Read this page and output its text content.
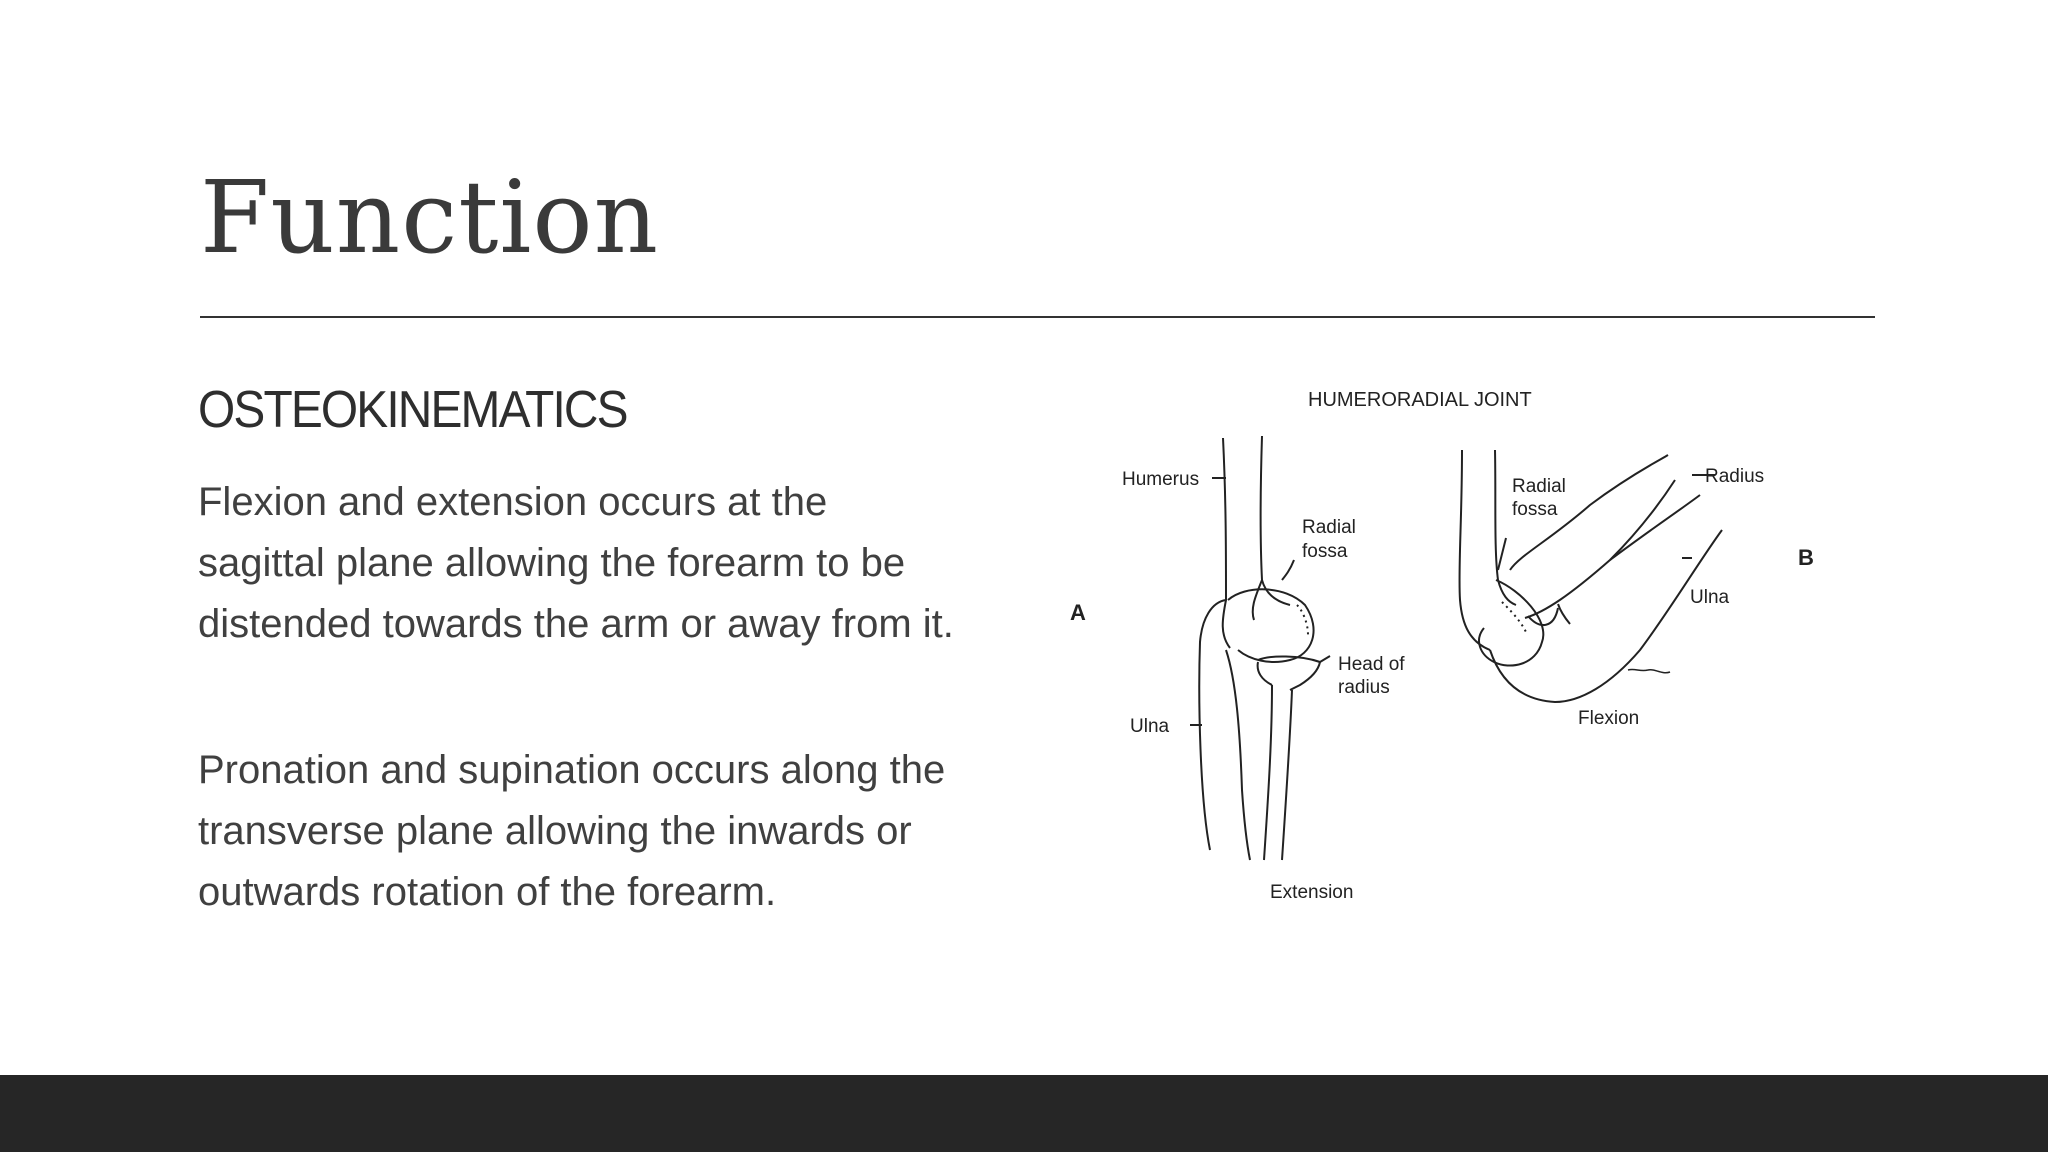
Function
OSTEOKINEMATICS

Flexion and extension occurs at the sagittal plane allowing the forearm to be distended towards the arm or away from it.

Pronation and supination occurs along the transverse plane allowing the inwards or outwards rotation of the forearm.

HUMERORADIAL JOINT
A
B
Humerus
Radial
fossa
Head of
radius
Ulna
Extension
Radial
fossa
Radius
Ulna
Flexion
